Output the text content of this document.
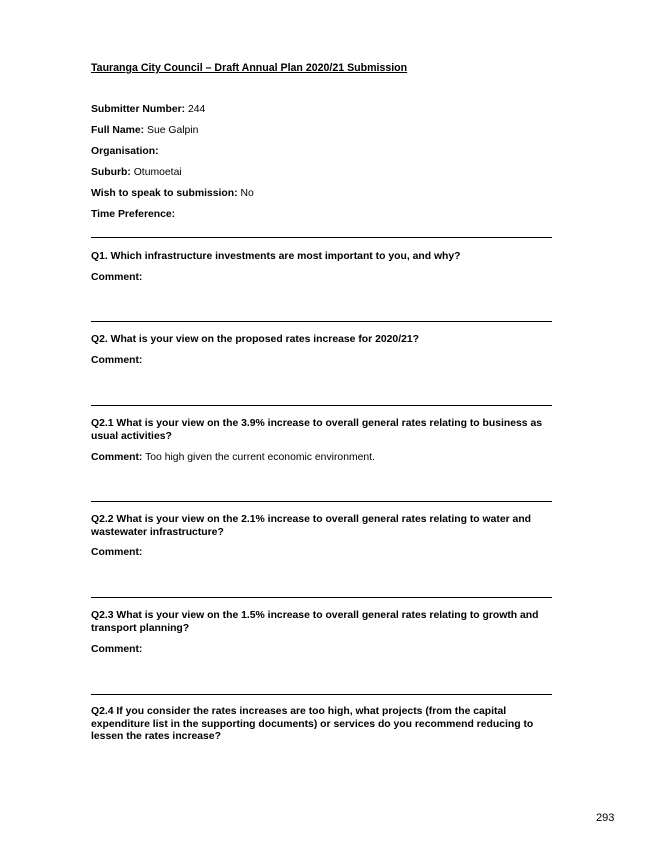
Tauranga City Council – Draft Annual Plan 2020/21 Submission
Submitter Number: 244
Full Name: Sue Galpin
Organisation:
Suburb: Otumoetai
Wish to speak to submission: No
Time Preference:
Q1. Which infrastructure investments are most important to you, and why?
Comment:
Q2. What is your view on the proposed rates increase for 2020/21?
Comment:
Q2.1 What is your view on the 3.9% increase to overall general rates relating to business as usual activities?
Comment: Too high given the current economic environment.
Q2.2 What is your view on the 2.1% increase to overall general rates relating to water and wastewater infrastructure?
Comment:
Q2.3 What is your view on the 1.5% increase to overall general rates relating to growth and transport planning?
Comment:
Q2.4 If you consider the rates increases are too high, what projects (from the capital expenditure list in the supporting documents) or services do you recommend reducing to lessen the rates increase?
293
